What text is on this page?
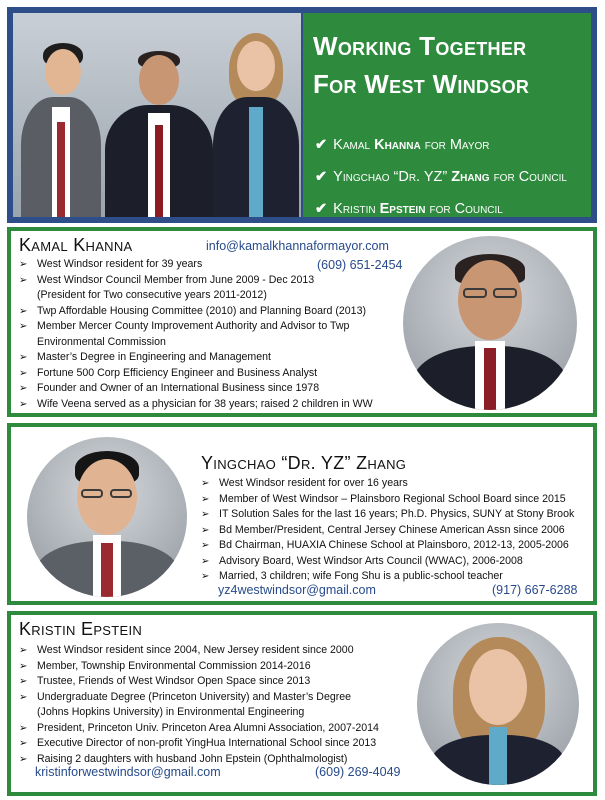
Working Together
For West Windsor
✔ Kamal Khanna for Mayor
✔ Yingchao “Dr. YZ” Zhang for Council
✔ Kristin Epstein for Council
Kamal Khanna	info@kamalkhannaformayor.com
(609) 651-2454
➢ West Windsor resident for 39 years
➢ West Windsor Council Member from June 2009 - Dec 2013
(President for Two consecutive years 2011-2012)
➢ Twp Affordable Housing Committee (2010) and Planning Board (2013)
➢ Member Mercer County Improvement Authority and Advisor to Twp
Environmental Commission
➢ Master’s Degree in Engineering and Management
➢ Fortune 500 Corp Efficiency Engineer and Business Analyst
➢ Founder and Owner of an International Business since 1978
➢ Wife Veena served as a physician for 38 years; raised 2 children in WW
Yingchao “Dr. YZ” Zhang
➢ West Windsor resident for over 16 years
➢ Member of West Windsor – Plainsboro Regional School Board since 2015
➢ IT Solution Sales for the last 16 years; Ph.D. Physics, SUNY at Stony Brook
➢ Bd Member/President, Central Jersey Chinese American Assn since 2006
➢ Bd Chairman, HUAXIA Chinese School at Plainsboro, 2012-13, 2005-2006
➢ Advisory Board, West Windsor Arts Council (WWAC), 2006-2008
➢ Married, 3 children; wife Fong Shu is a public-school teacher
yz4westwindsor@gmail.com	(917) 667-6288
Kristin Epstein
➢ West Windsor resident since 2004, New Jersey resident since 2000
➢ Member, Township Environmental Commission 2014-2016
➢ Trustee, Friends of West Windsor Open Space since 2013
➢ Undergraduate Degree (Princeton University) and Master’s Degree
(Johns Hopkins University) in Environmental Engineering
➢ President, Princeton Univ. Princeton Area Alumni Association, 2007-2014
➢ Executive Director of non-profit YingHua International School since 2013
➢ Raising 2 daughters with husband John Epstein (Ophthalmologist)
kristinforwestwindsor@gmail.com	(609) 269-4049
